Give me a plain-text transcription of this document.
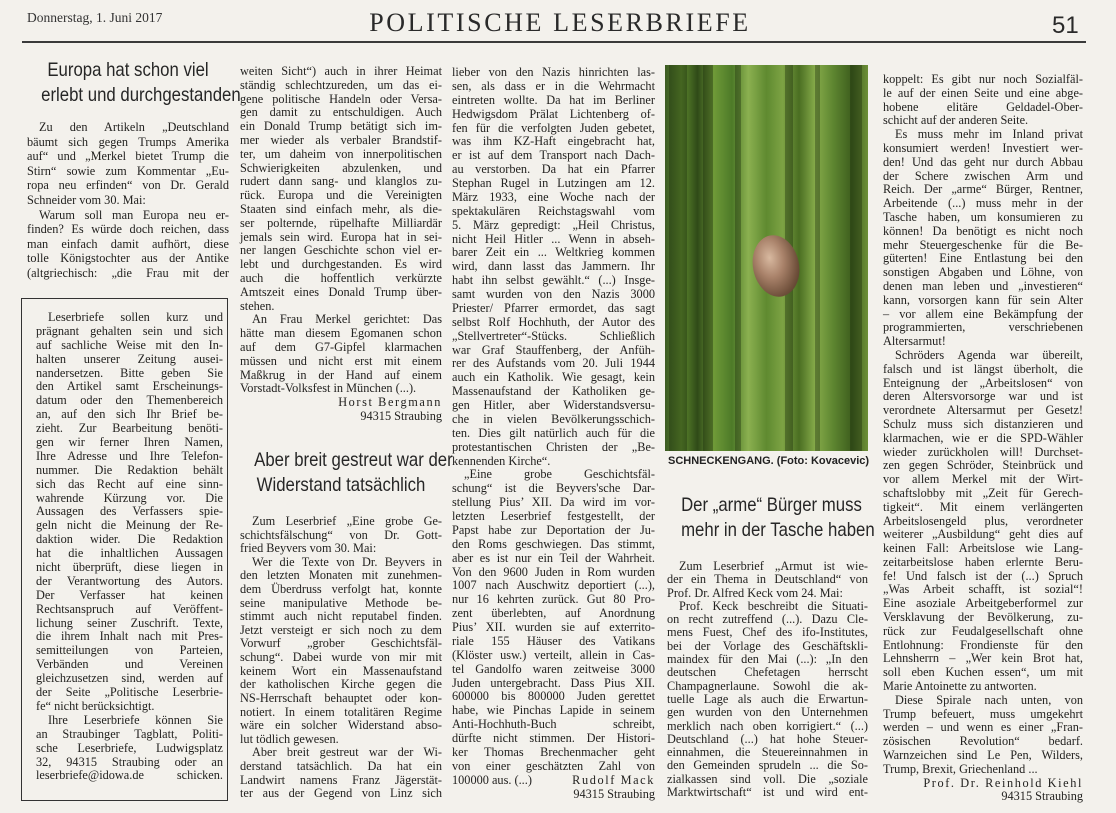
Donnerstag, 1. Juni 2017	POLITISCHE LESERBRIEFE	51
Europa hat schon viel
erlebt und durchgestanden
Zu den Artikeln „Deutschland
bäumt sich gegen Trumps Amerika
auf“ und „Merkel bietet Trump die
Stirn“ sowie zum Kommentar „Eu-
ropa neu erfinden“ von Dr. Gerald
Schneider vom 30. Mai:
Warum soll man Europa neu er-
finden? Es würde doch reichen, dass
man einfach damit aufhört, diese
tolle Königstochter aus der Antike
(altgriechisch: „die Frau mit der
Leserbriefe sollen kurz und
prägnant gehalten sein und sich
auf sachliche Weise mit den In-
halten unserer Zeitung ausei-
nandersetzen. Bitte geben Sie
den Artikel samt Erscheinungs-
datum oder den Themenbereich
an, auf den sich Ihr Brief be-
zieht. Zur Bearbeitung benöti-
gen wir ferner Ihren Namen,
Ihre Adresse und Ihre Telefon-
nummer. Die Redaktion behält
sich das Recht auf eine sinn-
wahrende Kürzung vor. Die
Aussagen des Verfassers spie-
geln nicht die Meinung der Re-
daktion wider. Die Redaktion
hat die inhaltlichen Aussagen
nicht überprüft, diese liegen in
der Verantwortung des Autors.
Der Verfasser hat keinen
Rechtsanspruch auf Veröffent-
lichung seiner Zuschrift. Texte,
die ihrem Inhalt nach mit Pres-
semitteilungen von Parteien,
Verbänden und Vereinen
gleichzusetzen sind, werden auf
der Seite „Politische Leserbrie-
fe“ nicht berücksichtigt.
Ihre Leserbriefe können Sie
an Straubinger Tagblatt, Politi-
sche Leserbriefe, Ludwigsplatz
32, 94315 Straubing oder an
leserbriefe@idowa.de schicken.
weiten Sicht“) auch in ihrer Heimat
ständig schlechtzureden, um das ei-
gene politische Handeln oder Versa-
gen damit zu entschuldigen. Auch
ein Donald Trump betätigt sich im-
mer wieder als verbaler Brandstif-
ter, um daheim von innerpolitischen
Schwierigkeiten abzulenken, und
rudert dann sang- und klanglos zu-
rück. Europa und die Vereinigten
Staaten sind einfach mehr, als die-
ser polternde, rüpelhafte Milliardär
jemals sein wird. Europa hat in sei-
ner langen Geschichte schon viel er-
lebt und durchgestanden. Es wird
auch die hoffentlich verkürzte
Amtszeit eines Donald Trump über-
stehen.
An Frau Merkel gerichtet: Das
hätte man diesem Egomanen schon
auf dem G7-Gipfel klarmachen
müssen und nicht erst mit einem
Maßkrug in der Hand auf einem
Vorstadt-Volksfest in München (...).
Horst Bergmann
94315 Straubing
Aber breit gestreut war der
Widerstand tatsächlich
Zum Leserbrief „Eine grobe Ge-
schichtsfälschung“ von Dr. Gott-
fried Beyvers vom 30. Mai:
Wer die Texte von Dr. Beyvers in
den letzten Monaten mit zunehmen-
dem Überdruss verfolgt hat, konnte
seine manipulative Methode be-
stimmt auch nicht reputabel finden.
Jetzt versteigt er sich noch zu dem
Vorwurf „grober Geschichtsfäl-
schung“. Dabei wurde von mir mit
keinem Wort ein Massenaufstand
der katholischen Kirche gegen die
NS-Herrschaft behauptet oder kon-
notiert. In einem totalitären Regime
wäre ein solcher Widerstand abso-
lut tödlich gewesen.
Aber breit gestreut war der Wi-
derstand tatsächlich. Da hat ein
Landwirt namens Franz Jägerstät-
ter aus der Gegend von Linz sich
lieber von den Nazis hinrichten las-
sen, als dass er in die Wehrmacht
eintreten wollte. Da hat im Berliner
Hedwigsdom Prälat Lichtenberg of-
fen für die verfolgten Juden gebetet,
was ihm KZ-Haft eingebracht hat,
er ist auf dem Transport nach Dach-
au verstorben. Da hat ein Pfarrer
Stephan Rugel in Lutzingen am 12.
März 1933, eine Woche nach der
spektakulären Reichstagswahl vom
5. März gepredigt: „Heil Christus,
nicht Heil Hitler ... Wenn in abseh-
barer Zeit ein ... Weltkrieg kommen
wird, dann lasst das Jammern. Ihr
habt ihn selbst gewählt.“ (...) Insge-
samt wurden von den Nazis 3000
Priester/ Pfarrer ermordet, das sagt
selbst Rolf Hochhuth, der Autor des
„Stellvertreter“-Stücks. Schließlich
war Graf Stauffenberg, der Anfüh-
rer des Aufstands vom 20. Juli 1944
auch ein Katholik. Wie gesagt, kein
Massenaufstand der Katholiken ge-
gen Hitler, aber Widerstandsversu-
che in vielen Bevölkerungsschich-
ten. Dies gilt natürlich auch für die
protestantischen Christen der „Be-
kennenden Kirche“.
„Eine grobe Geschichtsfäl-
schung“ ist die Beyvers'sche Dar-
stellung Pius’ XII. Da wird im vor-
letzten Leserbrief festgestellt, der
Papst habe zur Deportation der Ju-
den Roms geschwiegen. Das stimmt,
aber es ist nur ein Teil der Wahrheit.
Von den 9600 Juden in Rom wurden
1007 nach Auschwitz deportiert (...),
nur 16 kehrten zurück. Gut 80 Pro-
zent überlebten, auf Anordnung
Pius’ XII. wurden sie auf exterrito-
riale 155 Häuser des Vatikans
(Klöster usw.) verteilt, allein in Cas-
tel Gandolfo waren zeitweise 3000
Juden untergebracht. Dass Pius XII.
600000 bis 800000 Juden gerettet
habe, wie Pinchas Lapide in seinem
Anti-Hochhuth-Buch schreibt,
dürfte nicht stimmen. Der Histori-
ker Thomas Brechenmacher geht
von einer geschätzten Zahl von
100000 aus. (...)	Rudolf Mack
94315 Straubing
SCHNECKENGANG. (Foto: Kovacevic)
Der „arme“ Bürger muss
mehr in der Tasche haben
Zum Leserbrief „Armut ist wie-
der ein Thema in Deutschland“ von
Prof. Dr. Alfred Keck vom 24. Mai:
Prof. Keck beschreibt die Situati-
on recht zutreffend (...). Dazu Cle-
mens Fuest, Chef des ifo-Institutes,
bei der Vorlage des Geschäftskli-
maindex für den Mai (...): „In den
deutschen Chefetagen herrscht
Champagnerlaune. Sowohl die ak-
tuelle Lage als auch die Erwartun-
gen wurden von den Unternehmen
merklich nach oben korrigiert.“ (...)
Deutschland (...) hat hohe Steuer-
einnahmen, die Steuereinnahmen in
den Gemeinden sprudeln ... die So-
zialkassen sind voll. Die „soziale
Marktwirtschaft“ ist und wird ent-
koppelt: Es gibt nur noch Sozialfäl-
le auf der einen Seite und eine abge-
hobene elitäre Geldadel-Ober-
schicht auf der anderen Seite.
Es muss mehr im Inland privat
konsumiert werden! Investiert wer-
den! Und das geht nur durch Abbau
der Schere zwischen Arm und
Reich. Der „arme“ Bürger, Rentner,
Arbeitende (...) muss mehr in der
Tasche haben, um konsumieren zu
können! Da benötigt es nicht noch
mehr Steuergeschenke für die Be-
güterten! Eine Entlastung bei den
sonstigen Abgaben und Löhne, von
denen man leben und „investieren“
kann, vorsorgen kann für sein Alter
– vor allem eine Bekämpfung der
programmierten, verschriebenen
Altersarmut!
Schröders Agenda war übereilt,
falsch und ist längst überholt, die
Enteignung der „Arbeitslosen“ von
deren Altersvorsorge war und ist
verordnete Altersarmut per Gesetz!
Schulz muss sich distanzieren und
klarmachen, wie er die SPD-Wähler
wieder zurückholen will! Durchset-
zen gegen Schröder, Steinbrück und
vor allem Merkel mit der Wirt-
schaftslobby mit „Zeit für Gerech-
tigkeit“. Mit einem verlängerten
Arbeitslosengeld plus, verordneter
weiterer „Ausbildung“ geht dies auf
keinen Fall: Arbeitslose wie Lang-
zeitarbeitslose haben erlernte Beru-
fe! Und falsch ist der (...) Spruch
„Was Arbeit schafft, ist sozial“!
Eine asoziale Arbeitgeberformel zur
Versklavung der Bevölkerung, zu-
rück zur Feudalgesellschaft ohne
Entlohnung: Frondienste für den
Lehnsherrn – „Wer kein Brot hat,
soll eben Kuchen essen“, um mit
Marie Antoinette zu antworten.
Diese Spirale nach unten, von
Trump befeuert, muss umgekehrt
werden – und wenn es einer „Fran-
zösischen Revolution“ bedarf.
Warnzeichen sind Le Pen, Wilders,
Trump, Brexit, Griechenland ...
Prof. Dr. Reinhold Kiehl
94315 Straubing
